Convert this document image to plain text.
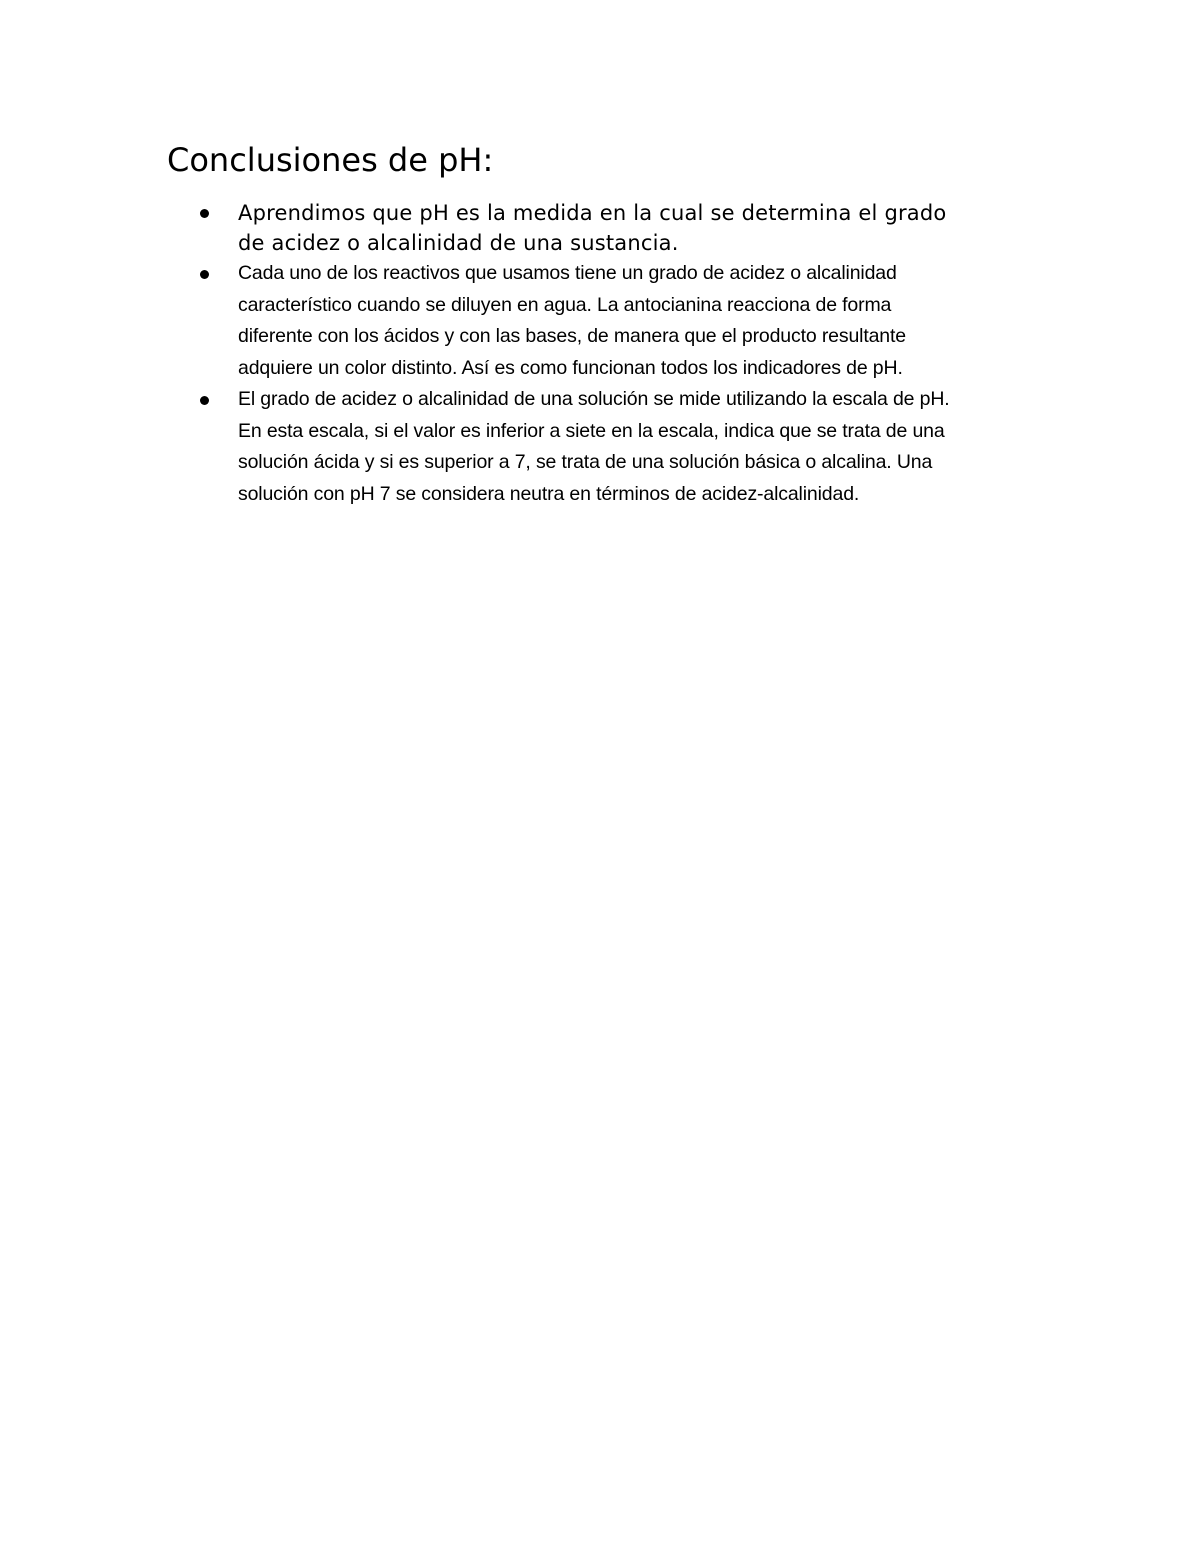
Conclusiones de pH:
Aprendimos que pH es la medida en la cual se determina el grado
de acidez o alcalinidad de una sustancia.
Cada uno de los reactivos que usamos tiene un grado de acidez o alcalinidad
característico cuando se diluyen en agua. La antocianina reacciona de forma
diferente con los ácidos y con las bases, de manera que el producto resultante
adquiere un color distinto. Así es como funcionan todos los indicadores de pH.
El grado de acidez o alcalinidad de una solución se mide utilizando la escala de pH.
En esta escala, si el valor es inferior a siete en la escala, indica que se trata de una
solución ácida y si es superior a 7, se trata de una solución básica o alcalina. Una
solución con pH 7 se considera neutra en términos de acidez-alcalinidad.
